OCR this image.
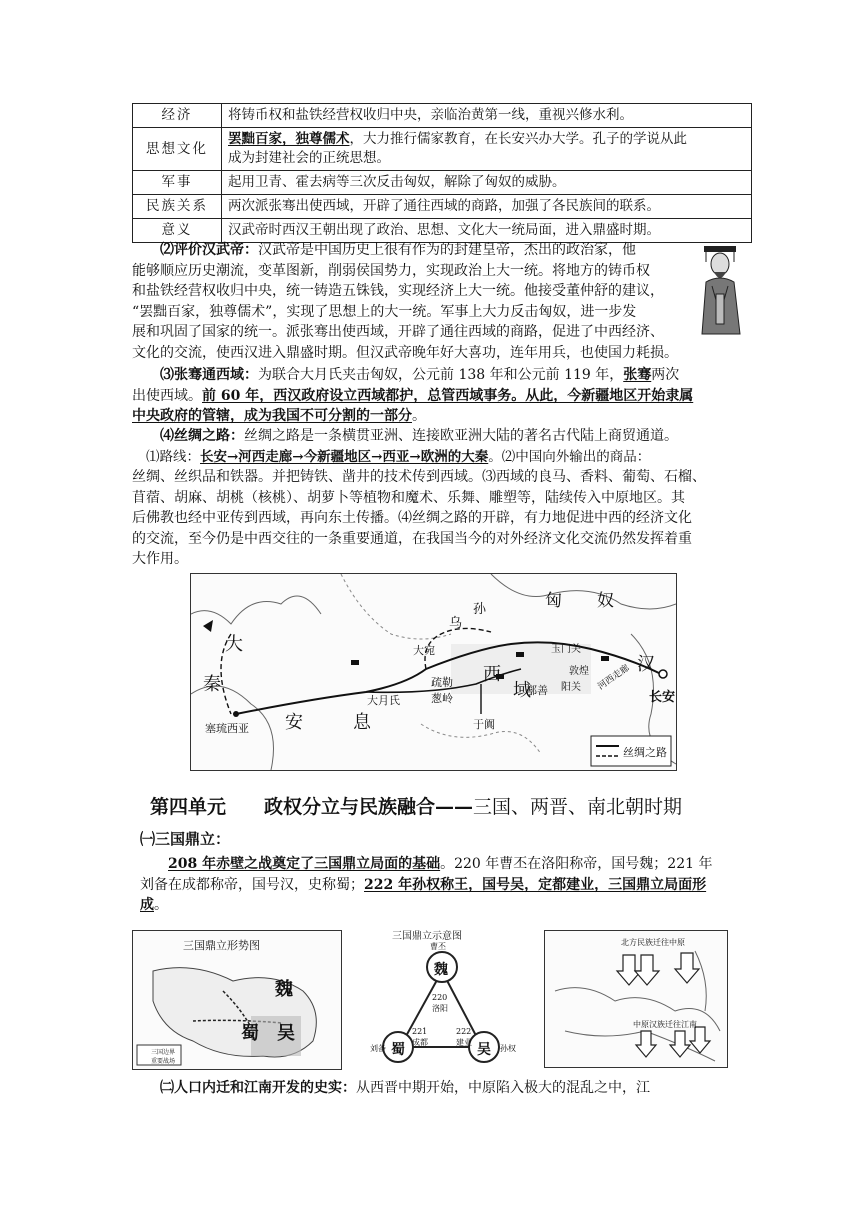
经济	将铸币权和盐铁经营权收归中央，亲临治黄第一线，重视兴修水利。
思想文化	罢黜百家，独尊儒术，大力推行儒家教育，在长安兴办大学。孔子的学说从此
成为封建社会的正统思想。
军事	起用卫青、霍去病等三次反击匈奴，解除了匈奴的威胁。
民族关系	两次派张骞出使西域，开辟了通往西域的商路，加强了各民族间的联系。
意义	汉武帝时西汉王朝出现了政治、思想、文化大一统局面，进入鼎盛时期。

⑵评价汉武帝：汉武帝是中国历史上很有作为的封建皇帝，杰出的政治家，他

能够顺应历史潮流，变革图新，削弱侯国势力，实现政治上大一统。将地方的铸币权

和盐铁经营权收归中央，统一铸造五铢钱，实现经济上大一统。他接受董仲舒的建议，

“罢黜百家，独尊儒术”，实现了思想上的大一统。军事上大力反击匈奴，进一步发

展和巩固了国家的统一。派张骞出使西域，开辟了通往西域的商路，促进了中西经济、

文化的交流，使西汉进入鼎盛时期。但汉武帝晚年好大喜功，连年用兵，也使国力耗损。

⑶张骞通西域：为联合大月氏夹击匈奴，公元前 138 年和公元前 119 年，张骞两次

出使西域。前 60 年，西汉政府设立西域都护，总管西域事务。从此，今新疆地区开始隶属

中央政府的管辖，成为我国不可分割的一部分。

⑷丝绸之路：丝绸之路是一条横贯亚洲、连接欧亚洲大陆的著名古代陆上商贸通道。

⑴路线：长安→河西走廊→今新疆地区→西亚→欧洲的大秦。⑵中国向外输出的商品：

丝绸、丝织品和铁器。并把铸铁、凿井的技术传到西域。⑶西域的良马、香料、葡萄、石榴、

苜蓿、胡麻、胡桃（核桃）、胡萝卜等植物和魔术、乐舞、雕塑等，陆续传入中原地区。其

后佛教也经中亚传到西域，再向东土传播。⑷丝绸之路的开辟，有力地促进中西的经济文化

的交流，至今仍是中西交往的一条重要通道，在我国当今的对外经济文化交流仍然发挥着重

大作用。

匈 奴
大
秦
安	息
乌
孙
大宛
疏勒
葱岭
大月氏
西
域
鄯善 阳关
玉门关
敦煌 河西走廊 汉
长安
于阗
塞琉西亚
丝绸之路
第四单元　　政权分立与民族融合——三国、两晋、南北朝时期

㈠三国鼎立：

208 年赤壁之战奠定了三国鼎立局面的基础。220 年曹丕在洛阳称帝，国号魏；221 年

刘备在成都称帝，国号汉，史称蜀；222 年孙权称王，国号吴，定都建业，三国鼎立局面形

成。

三国鼎立形势图
魏
蜀 吴
三国边界
重要战场
三国鼎立示意图
曹丕
魏
220
洛阳
蜀	吴
221
成都
222
建业
刘备	孙权
北方民族迁往中原
中原汉族迁往江南

㈡人口内迁和江南开发的史实：从西晋中期开始，中原陷入极大的混乱之中，江
